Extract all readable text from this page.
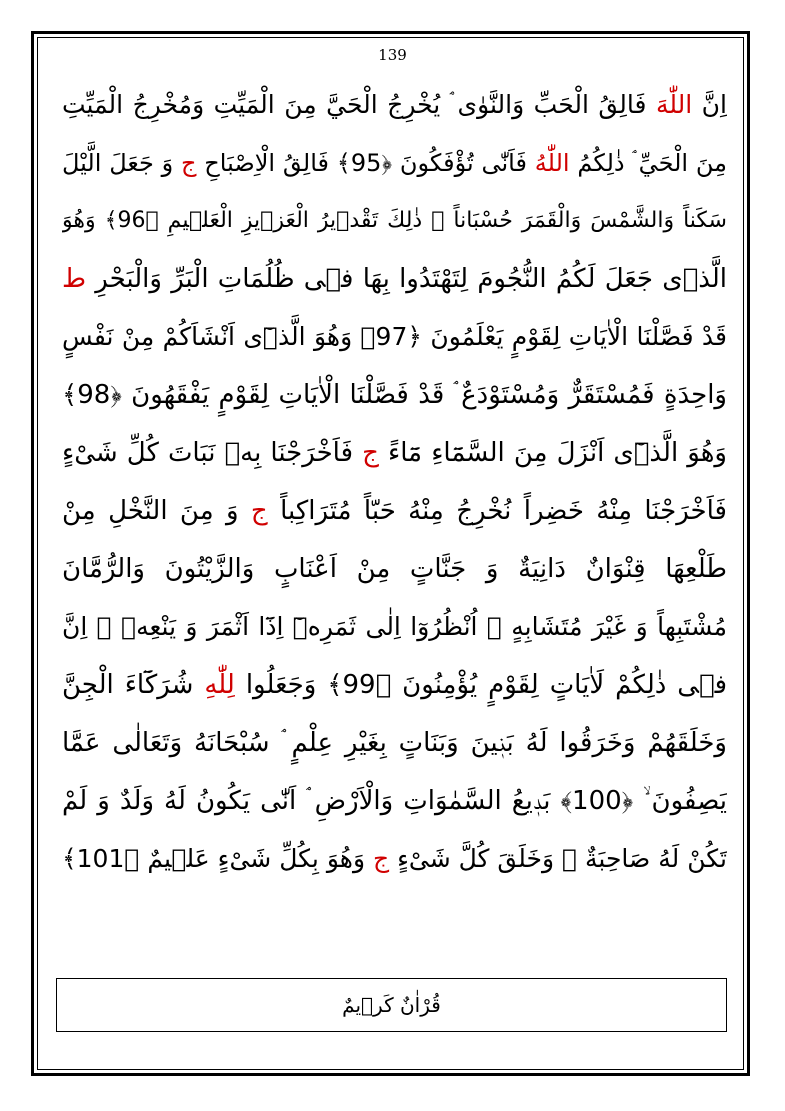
139
اِنَّ اللّٰهَ فَالِقُ الْحَبِّ وَالنَّوٰى ۘ يُخْرِجُ الْحَيَّ مِنَ الْمَيِّتِ وَمُخْرِجُ الْمَيِّتِ
مِنَ الْحَيِّ ۘ ذٰلِكُمُ اللّٰهُ فَاَنّٰى تُؤْفَكُونَ ﴿95﴾ فَالِقُ الْاِصْبَاحِ ج وَ جَعَلَ الَّيْلَ
سَكَناً وَالشَّمْسَ وَالْقَمَرَ حُسْبَاناً ۘ ذٰلِكَ تَقْدٖيرُ الْعَزٖيزِ الْعَلٖيمِ ﴿96﴾ وَهُوَ
الَّذٖى جَعَلَ لَكُمُ النُّجُومَ لِتَهْتَدُوا بِهَا فٖى ظُلُمَاتِ الْبَرِّ وَالْبَحْرِ ط
قَدْ فَصَّلْنَا الْاٰيَاتِ لِقَوْمٍ يَعْلَمُونَ ﴿97﴾ وَهُوَ الَّذٖٓى اَنْشَاَكُمْ مِنْ نَفْسٍ
وَاحِدَةٍ فَمُسْتَقَرٌّ وَمُسْتَوْدَعٌ ۘ قَدْ فَصَّلْنَا الْاٰيَاتِ لِقَوْمٍ يَفْقَهُونَ ﴿98﴾
وَهُوَ الَّذٖٓى اَنْزَلَ مِنَ السَّمَٓاءِ مَٓاءً ج فَاَخْرَجْنَا بِهٖ نَبَاتَ كُلِّ شَىْءٍ
فَاَخْرَجْنَا مِنْهُ خَضِراً نُخْرِجُ مِنْهُ حَبّاً مُتَرَاكِباً ج وَ مِنَ النَّخْلِ مِنْ
طَلْعِهَا قِنْوَانٌ دَانِيَةٌ وَ جَنَّاتٍ مِنْ اَعْنَابٍ وَالزَّيْتُونَ وَالرُّمَّانَ
مُشْتَبِهاً وَ غَيْرَ مُتَشَابِهٍ ۘ اُنْظُرُوٓا اِلٰى ثَمَرِهٖٓ اِذَٓا اَثْمَرَ وَ يَنْعِهٖ ۘ اِنَّ
فٖى ذٰلِكُمْ لَاٰيَاتٍ لِقَوْمٍ يُؤْمِنُونَ ﴿99﴾ وَجَعَلُوا لِلّٰهِ شُرَكَٓاءَ الْجِنَّ
وَخَلَقَهُمْ وَخَرَقُوا لَهُ بَنٖينَ وَبَنَاتٍ بِغَيْرِ عِلْمٍ ۘ سُبْحَانَهُ وَتَعَالٰى عَمَّا
يَصِفُونَ ۙ ﴿100﴾ بَدٖيعُ السَّمٰوَاتِ وَالْاَرْضِ ۘ اَنّٰى يَكُونُ لَهُ وَلَدٌ وَ لَمْ
تَكُنْ لَهُ صَاحِبَةٌ ۘ وَخَلَقَ كُلَّ شَىْءٍ ج وَهُوَ بِكُلِّ شَىْءٍ عَلٖيمٌ ﴿101﴾
قُرْاٰنٌ كَرٖيمٌ
